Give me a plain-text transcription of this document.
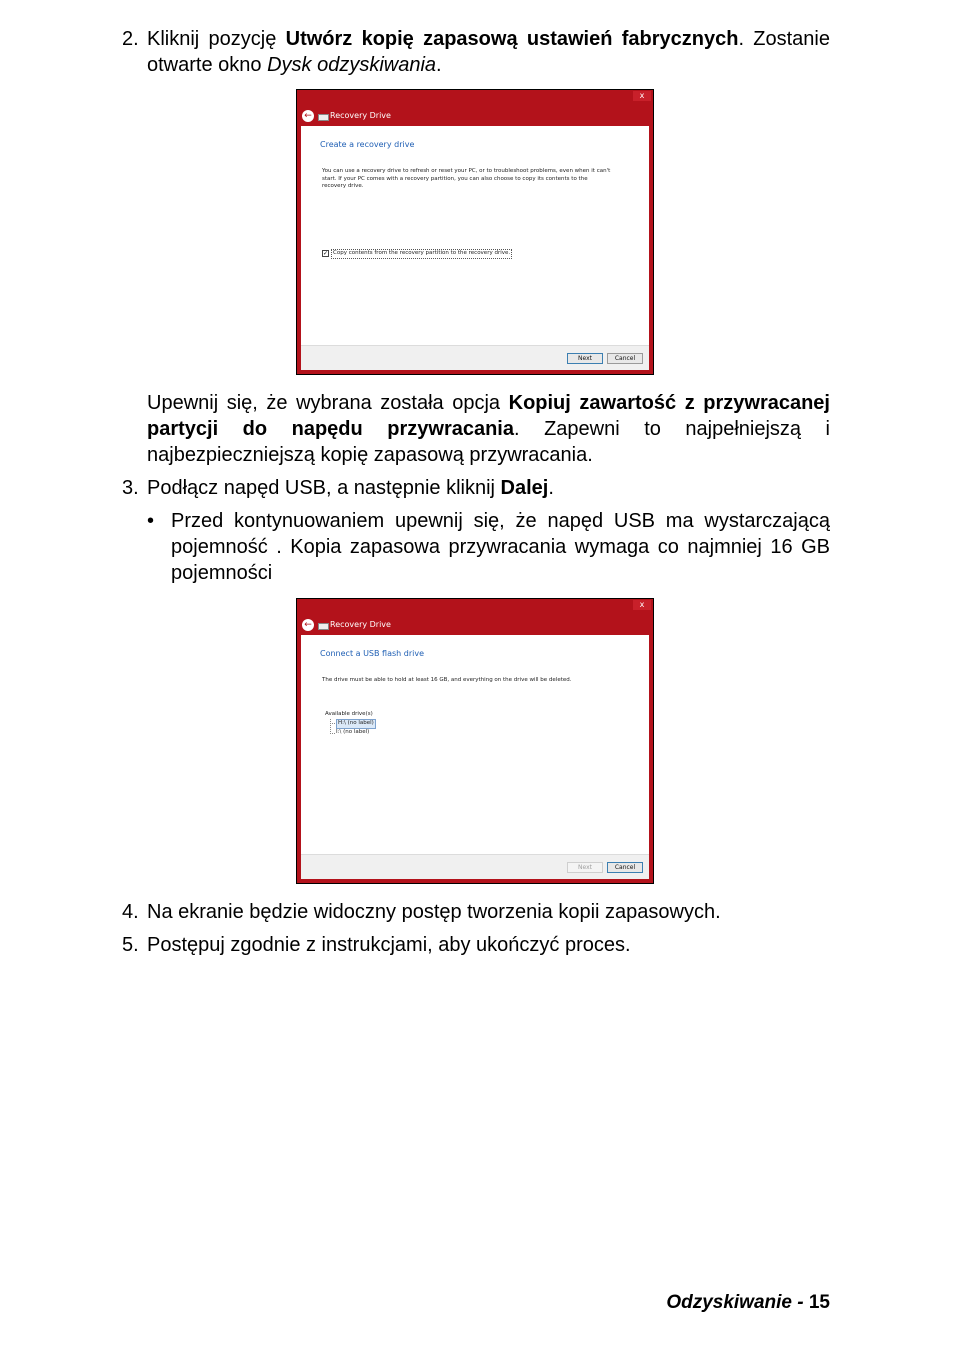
2. Kliknij pozycję Utwórz kopię zapasową ustawień fabrycznych. Zostanie otwarte okno Dysk odzyskiwania.

x
← Recovery Drive
Create a recovery drive
You can use a recovery drive to refresh or reset your PC, or to troubleshoot problems, even when it can't start. If your PC comes with a recovery partition, you can also choose to copy its contents to the recovery drive.
✓ Copy contents from the recovery partition to the recovery drive.
Next	Cancel

Upewnij się, że wybrana została opcja Kopiuj zawartość z przywracanej partycji do napędu przywracania. Zapewni to najpełniejszą i najbezpieczniejszą kopię zapasową przywracania.

3. Podłącz napęd USB, a następnie kliknij Dalej.

• Przed kontynuowaniem upewnij się, że napęd USB ma wystarczającą pojemność . Kopia zapasowa przywracania wymaga co najmniej 16 GB pojemności

x
← Recovery Drive
Connect a USB flash drive
The drive must be able to hold at least 16 GB, and everything on the drive will be deleted.
Available drive(s)
H:\ (no label)
I:\ (no label)
Next	Cancel
4. Na ekranie będzie widoczny postęp tworzenia kopii zapasowych.

5. Postępuj zgodnie z instrukcjami, aby ukończyć proces.

Odzyskiwanie - 15
